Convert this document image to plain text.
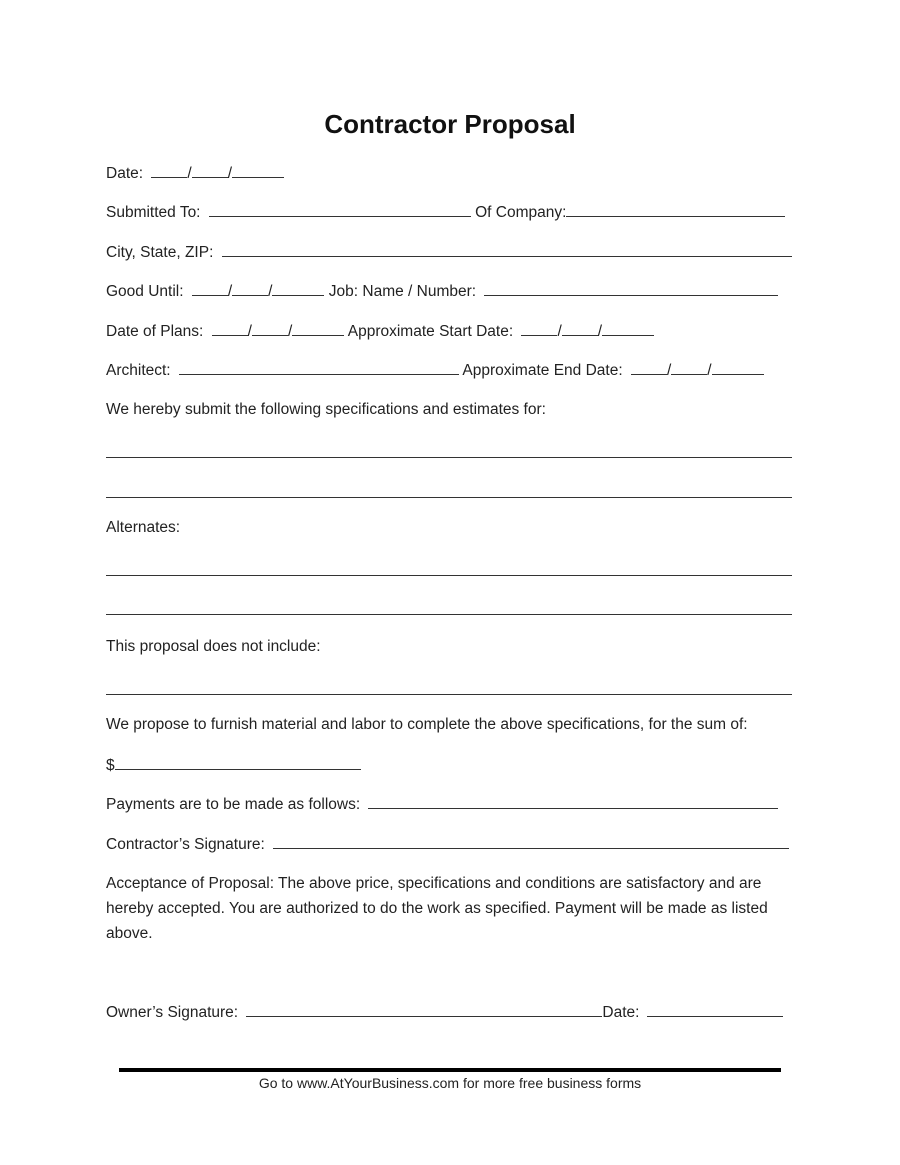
Contractor Proposal
Date:	/ /
Submitted To:	Of Company:
City, State, ZIP:
Good Until:	/ /	Job: Name / Number:
Date of Plans:	/ /	Approximate Start Date:	/ /
Architect:	Approximate End Date:	/ /
We hereby submit the following specifications and estimates for:
Alternates:
This proposal does not include:
We propose to furnish material and labor to complete the above specifications, for the sum of:
$
Payments are to be made as follows:
Contractor’s Signature:
Acceptance of Proposal: The above price, specifications and conditions are satisfactory and are hereby accepted. You are authorized to do the work as specified. Payment will be made as listed above.
Owner’s Signature:	Date:
Go to www.AtYourBusiness.com for more free business forms
